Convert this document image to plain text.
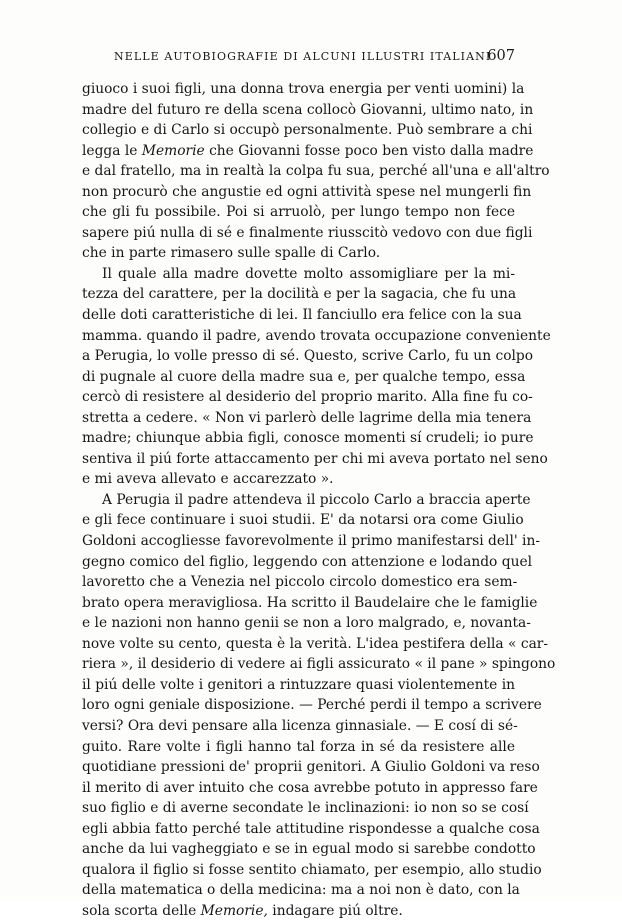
NELLE AUTOBIOGRAFIE DI ALCUNI ILLUSTRI ITALIANI
607
giuoco i suoi figli, una donna trova energia per venti uomini) la
madre del futuro re della scena collocò Giovanni, ultimo nato, in
collegio e di Carlo si occupò personalmente. Può sembrare a chi
legga le Memorie che Giovanni fosse poco ben visto dalla madre
e dal fratello, ma in realtà la colpa fu sua, perché all'una e all'altro
non procurò che angustie ed ogni attività spese nel mungerli fin
che gli fu possibile. Poi si arruolò, per lungo tempo non fece
sapere piú nulla di sé e finalmente riusscitò vedovo con due figli
che in parte rimasero sulle spalle di Carlo.
Il quale alla madre dovette molto assomigliare per la mi-
tezza del carattere, per la docilità e per la sagacia, che fu una
delle doti caratteristiche di lei. Il fanciullo era felice con la sua
mamma. quando il padre, avendo trovata occupazione conveniente
a Perugia, lo volle presso di sé. Questo, scrive Carlo, fu un colpo
di pugnale al cuore della madre sua e, per qualche tempo, essa
cercò di resistere al desiderio del proprio marito. Alla fine fu co-
stretta a cedere. « Non vi parlerò delle lagrime della mia tenera
madre; chiunque abbia figli, conosce momenti sí crudeli; io pure
sentiva il piú forte attaccamento per chi mi aveva portato nel seno
e mi aveva allevato e accarezzato ».
A Perugia il padre attendeva il piccolo Carlo a braccia aperte
e gli fece continuare i suoi studii. E' da notarsi ora come Giulio
Goldoni accogliesse favorevolmente il primo manifestarsi dell' in-
gegno comico del figlio, leggendo con attenzione e lodando quel
lavoretto che a Venezia nel piccolo circolo domestico era sem-
brato opera meravigliosa. Ha scritto il Baudelaire che le famiglie
e le nazioni non hanno genii se non a loro malgrado, e, novanta-
nove volte su cento, questa è la verità. L'idea pestifera della « car-
riera », il desiderio di vedere ai figli assicurato « il pane » spingono
il piú delle volte i genitori a rintuzzare quasi violentemente in
loro ogni geniale disposizione. — Perché perdi il tempo a scrivere
versi? Ora devi pensare alla licenza ginnasiale. — E cosí di sé-
guito. Rare volte i figli hanno tal forza in sé da resistere alle
quotidiane pressioni de' proprii genitori. A Giulio Goldoni va reso
il merito di aver intuito che cosa avrebbe potuto in appresso fare
suo figlio e di averne secondate le inclinazioni: io non so se cosí
egli abbia fatto perché tale attitudine rispondesse a qualche cosa
anche da lui vagheggiato e se in egual modo si sarebbe condotto
qualora il figlio si fosse sentito chiamato, per esempio, allo studio
della matematica o della medicina: ma a noi non è dato, con la
sola scorta delle Memorie, indagare piú oltre.
